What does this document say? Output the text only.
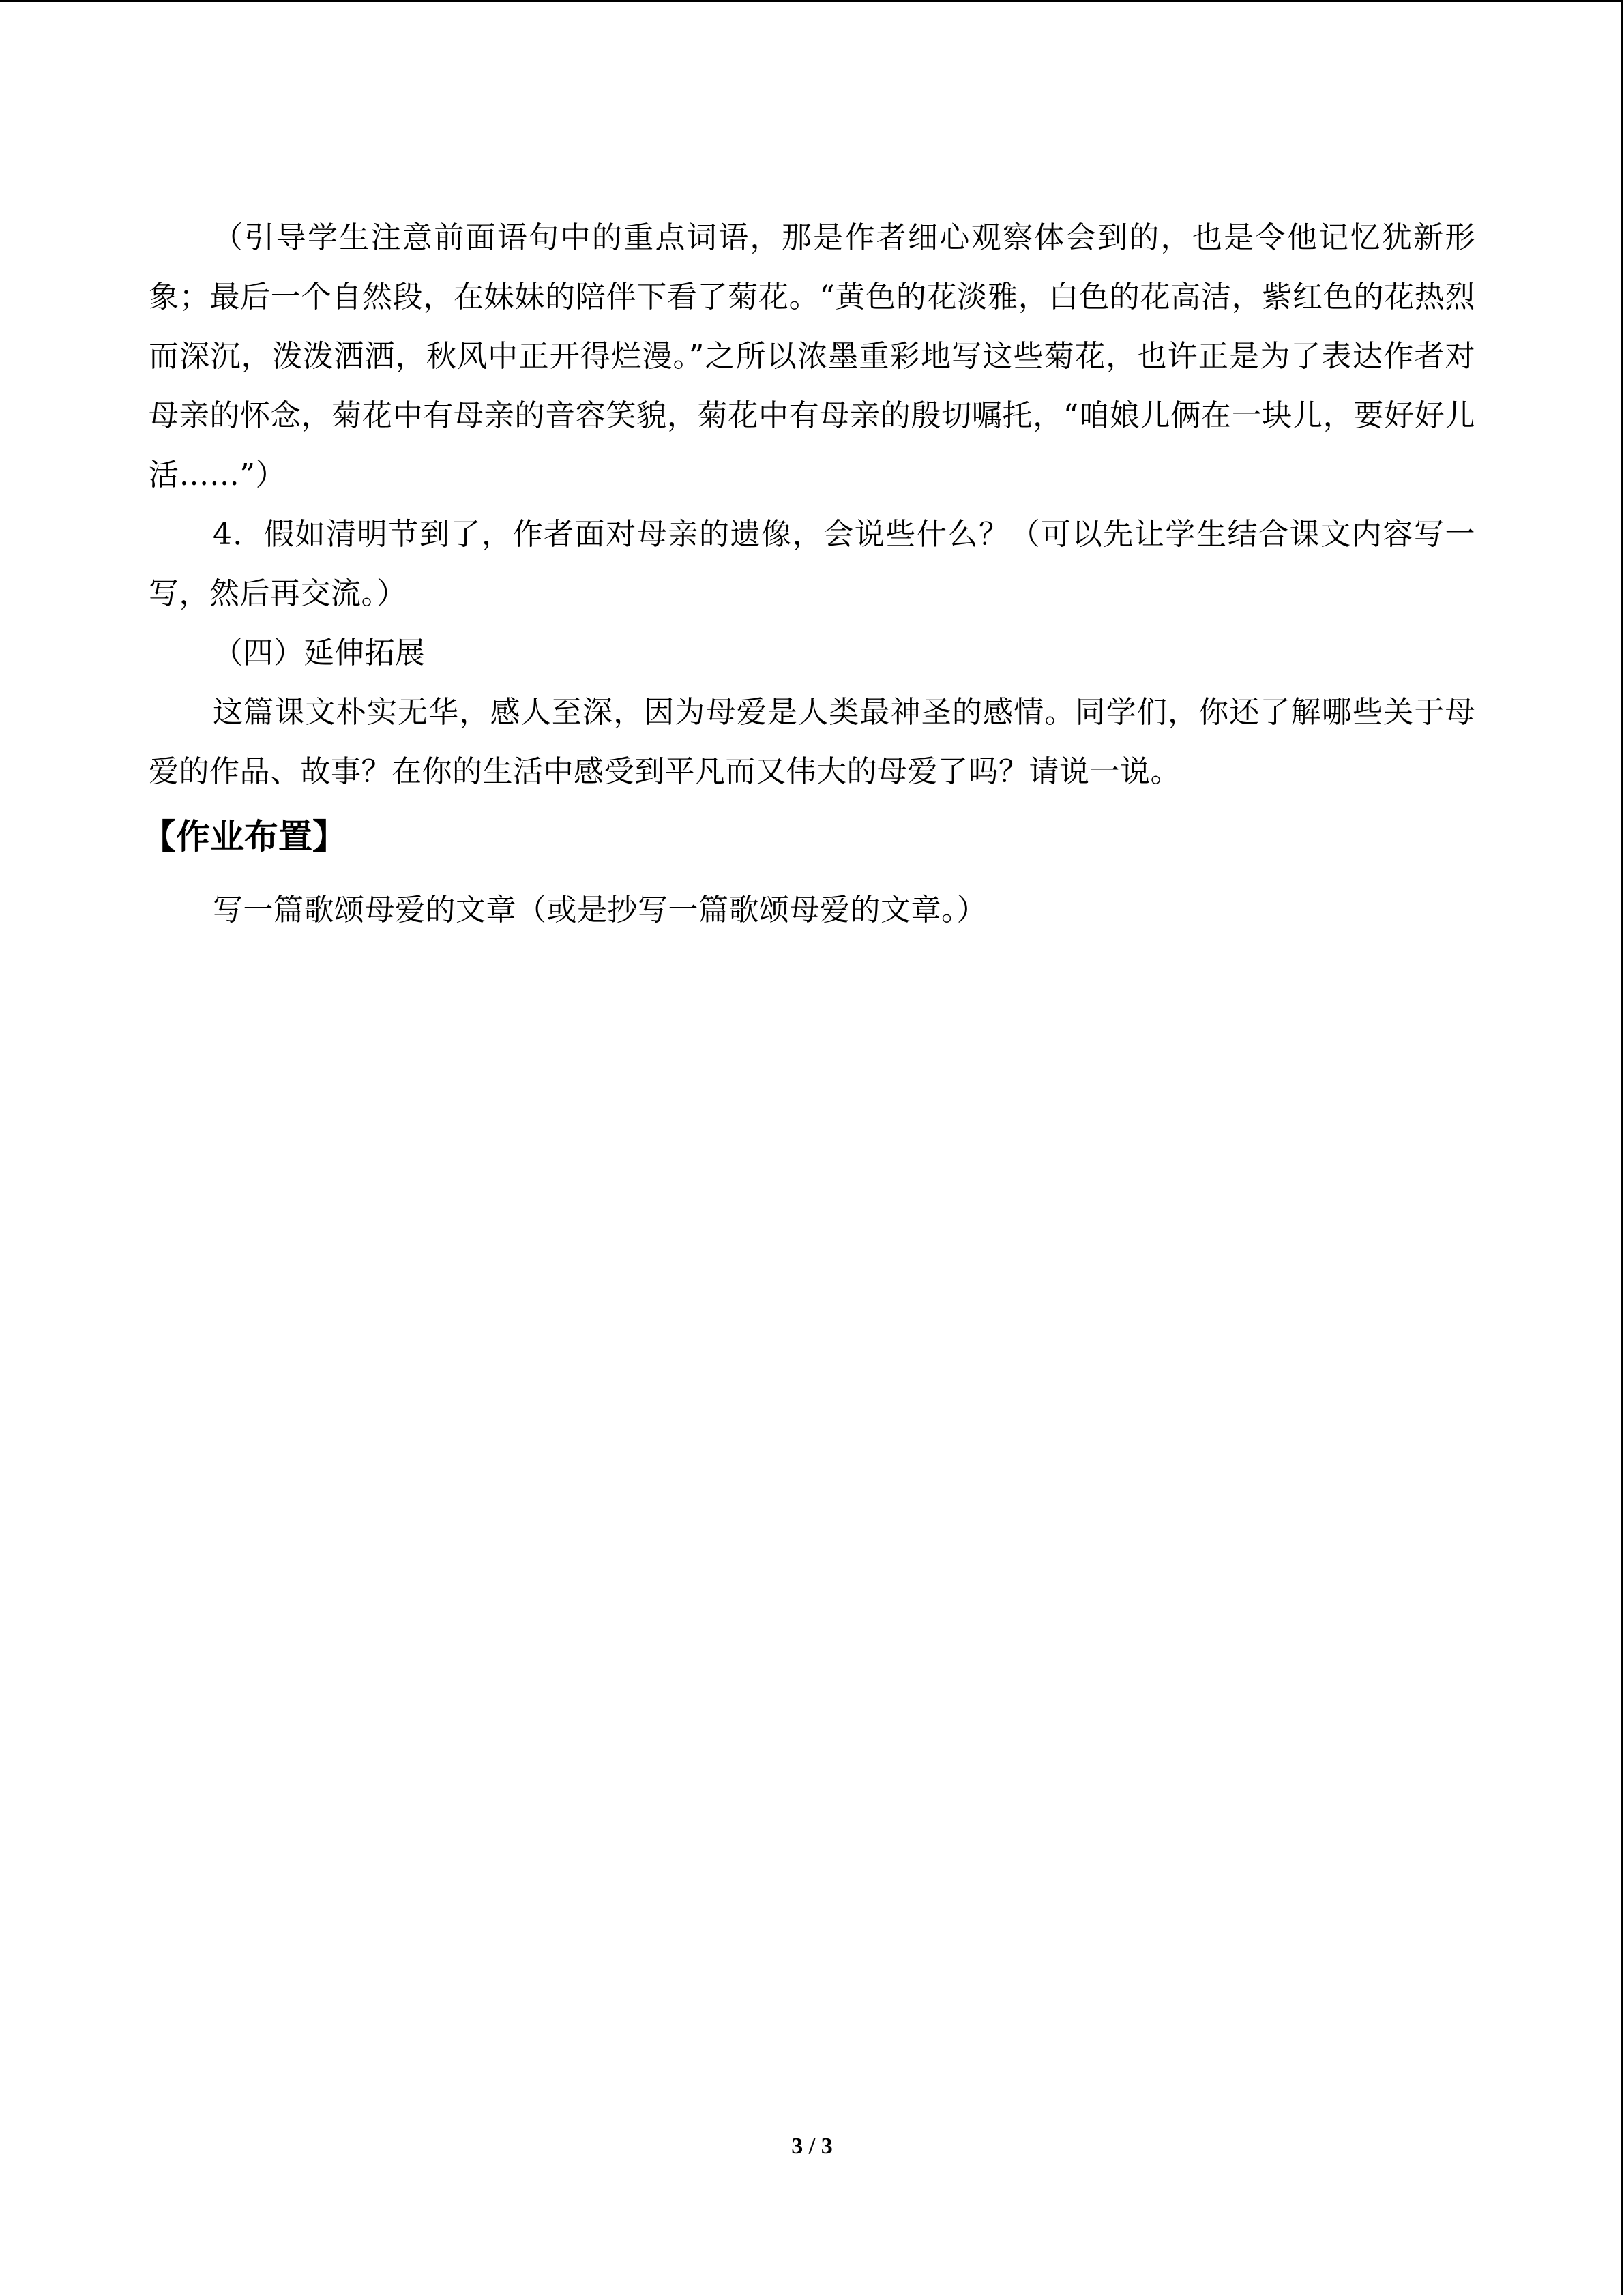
（引导学生注意前面语句中的重点词语，那是作者细心观察体会到的，也是令他记忆犹新形象；最后一个自然段，在妹妹的陪伴下看了菊花。“黄色的花淡雅，白色的花高洁，紫红色的花热烈而深沉，泼泼洒洒，秋风中正开得烂漫。”之所以浓墨重彩地写这些菊花，也许正是为了表达作者对母亲的怀念，菊花中有母亲的音容笑貌，菊花中有母亲的殷切嘱托，“咱娘儿俩在一块儿，要好好儿活……”）

4．假如清明节到了，作者面对母亲的遗像，会说些什么？（可以先让学生结合课文内容写一写，然后再交流。）

（四）延伸拓展

这篇课文朴实无华，感人至深，因为母爱是人类最神圣的感情。同学们，你还了解哪些关于母爱的作品、故事？在你的生活中感受到平凡而又伟大的母爱了吗？请说一说。

【作业布置】

写一篇歌颂母爱的文章（或是抄写一篇歌颂母爱的文章。）

3 / 3
